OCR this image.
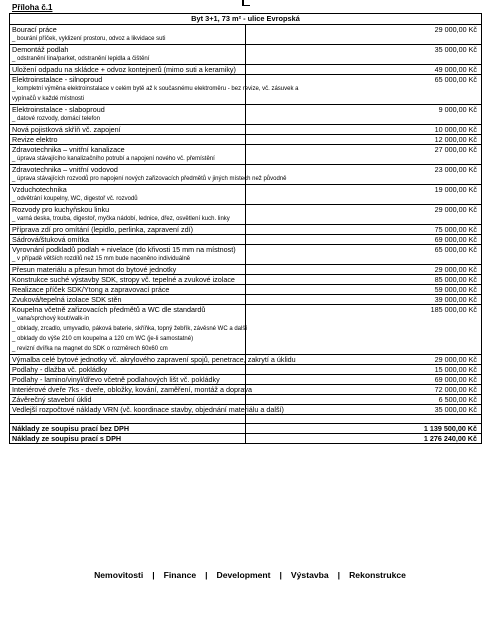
Příloha č.1
Byt 3+1, 73 m² - ulice Evropská	
Bourací práce
_ bourání příček, vyklizení prostoru, odvoz a likvidace suti	29 000,00 Kč
Demontáž podlah
_ odstranění lina/parket, odstranění lepidla a čištění	35 000,00 Kč
Uložení odpadu na skládce + odvoz kontejnerů (mimo suti a keramiky)	49 000,00 Kč
Elektroinstalace - silnoproud
_ kompletní výměna elektroinstalace v celém bytě až k současnému elektroměru - bez revize, vč. zásuvek a
vypínačů v každé místnosti	65 000,00 Kč
Elektroinstalace - slaboproud
_ datové rozvody, domácí telefon	9 000,00 Kč
Nová pojistková skříň vč. zapojení	10 000,00 Kč
Revize elektro	12 000,00 Kč
Zdravotechnika – vnitřní kanalizace
_ úprava stávajícího kanalizačního potrubí a napojení nového vč. přemístění	27 000,00 Kč
Zdravotechnika – vnitřní vodovod
_ úprava stávajících rozvodů pro napojení nových zařizovacích předmětů v jiných místech než původně	23 000,00 Kč
Vzduchotechnika
_ odvětrání koupelny, WC, digestoř vč. rozvodů	19 000,00 Kč
Rozvody pro kuchyňskou linku
_ varná deska, trouba, digestoř, myčka nádobí, lednice, dřez, osvětlení kuch. linky	29 000,00 Kč
Příprava zdí pro omítání (lepidlo, perlinka, zapravení zdí)	75 000,00 Kč
Sádrová/štuková omítka	69 000,00 Kč
Vyrovnání podkladů podlah + nivelace (do křivosti 15 mm na místnost)
_ v případě větších rozdílů než 15 mm bude naceněno individuálně	65 000,00 Kč
Přesun materiálu a přesun hmot do bytové jednotky	29 000,00 Kč
Konstrukce suché výstavby SDK, stropy vč. tepelné a zvukové izolace	85 000,00 Kč
Realizace příček SDK/Ytong a zapravovací práce	59 000,00 Kč
Zvuková/tepelná izolace SDK stěn	39 000,00 Kč
Koupelna včetně zařizovacích předmětů a WC dle standardů
_ vana/sprchový kout/walk-in
_ obklady, zrcadlo, umyvadlo, páková baterie, skříňka, topný žebřík, závěsné WC a další
_ obklady do výše 210 cm koupelna a 120 cm WC (je-li samostatné)
_ revizní dvířka na magnet do SDK o rozměrech 60x60 cm	185 000,00 Kč
Výmalba celé bytové jednotky vč. akrylového zapravení spojů, penetrace, zakrytí a úklidu	29 000,00 Kč
Podlahy - dlažba vč. pokládky	15 000,00 Kč
Podlahy - lamino/vinyl/dřevo včetně podlahových lišt vč. pokládky	69 000,00 Kč
Interiérové dveře 7ks - dveře, obložky, kování, zaměření, montáž a doprava	72 000,00 Kč
Závěrečný stavební úklid	6 500,00 Kč
Vedlejší rozpočtové náklady VRN (vč. koordinace stavby, objednání materiálu a další)	35 000,00 Kč

Náklady ze soupisu prací bez DPH	1 139 500,00 Kč
Náklady ze soupisu prací s DPH	1 276 240,00 Kč
Nemovitosti | Finance | Development | Výstavba | Rekonstrukce
